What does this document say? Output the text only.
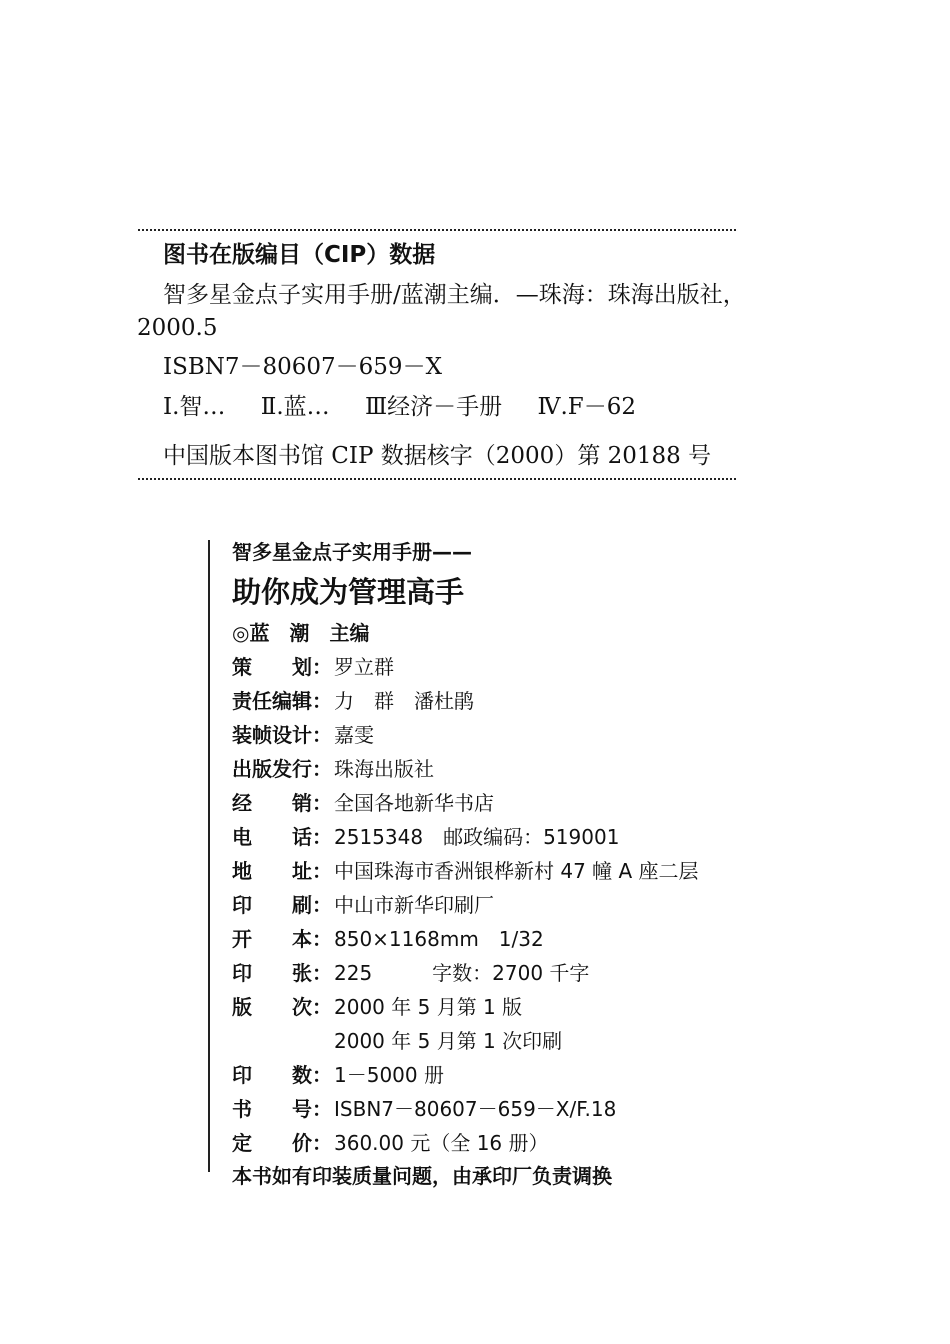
图书在版编目（CIP）数据
智多星金点子实用手册/蓝潮主编．—珠海：珠海出版社，
2000.5
ISBN7－80607－659－X
Ⅰ.智… Ⅱ.蓝… Ⅲ经济－手册 Ⅳ.F－62
中国版本图书馆 CIP 数据核字（2000）第 20188 号
智多星金点子实用手册——
助你成为管理高手
◎蓝　潮　主编
策　　划： 罗立群
责任编辑： 力　群　潘杜鹃
装帧设计： 嘉雯
出版发行： 珠海出版社
经　　销： 全国各地新华书店
电　　话： 2515348　邮政编码：519001
地　　址： 中国珠海市香洲银桦新村 47 幢 A 座二层
印　　刷： 中山市新华印刷厂
开　　本： 850×1168mm　1/32
印　　张： 225　　　字数：2700 千字
版　　次： 2000 年 5 月第 1 版
2000 年 5 月第 1 次印刷
印　　数： 1－5000 册
书　　号： ISBN7－80607－659－X/F.18
定　　价： 360.00 元（全 16 册）
本书如有印装质量问题，由承印厂负责调换
